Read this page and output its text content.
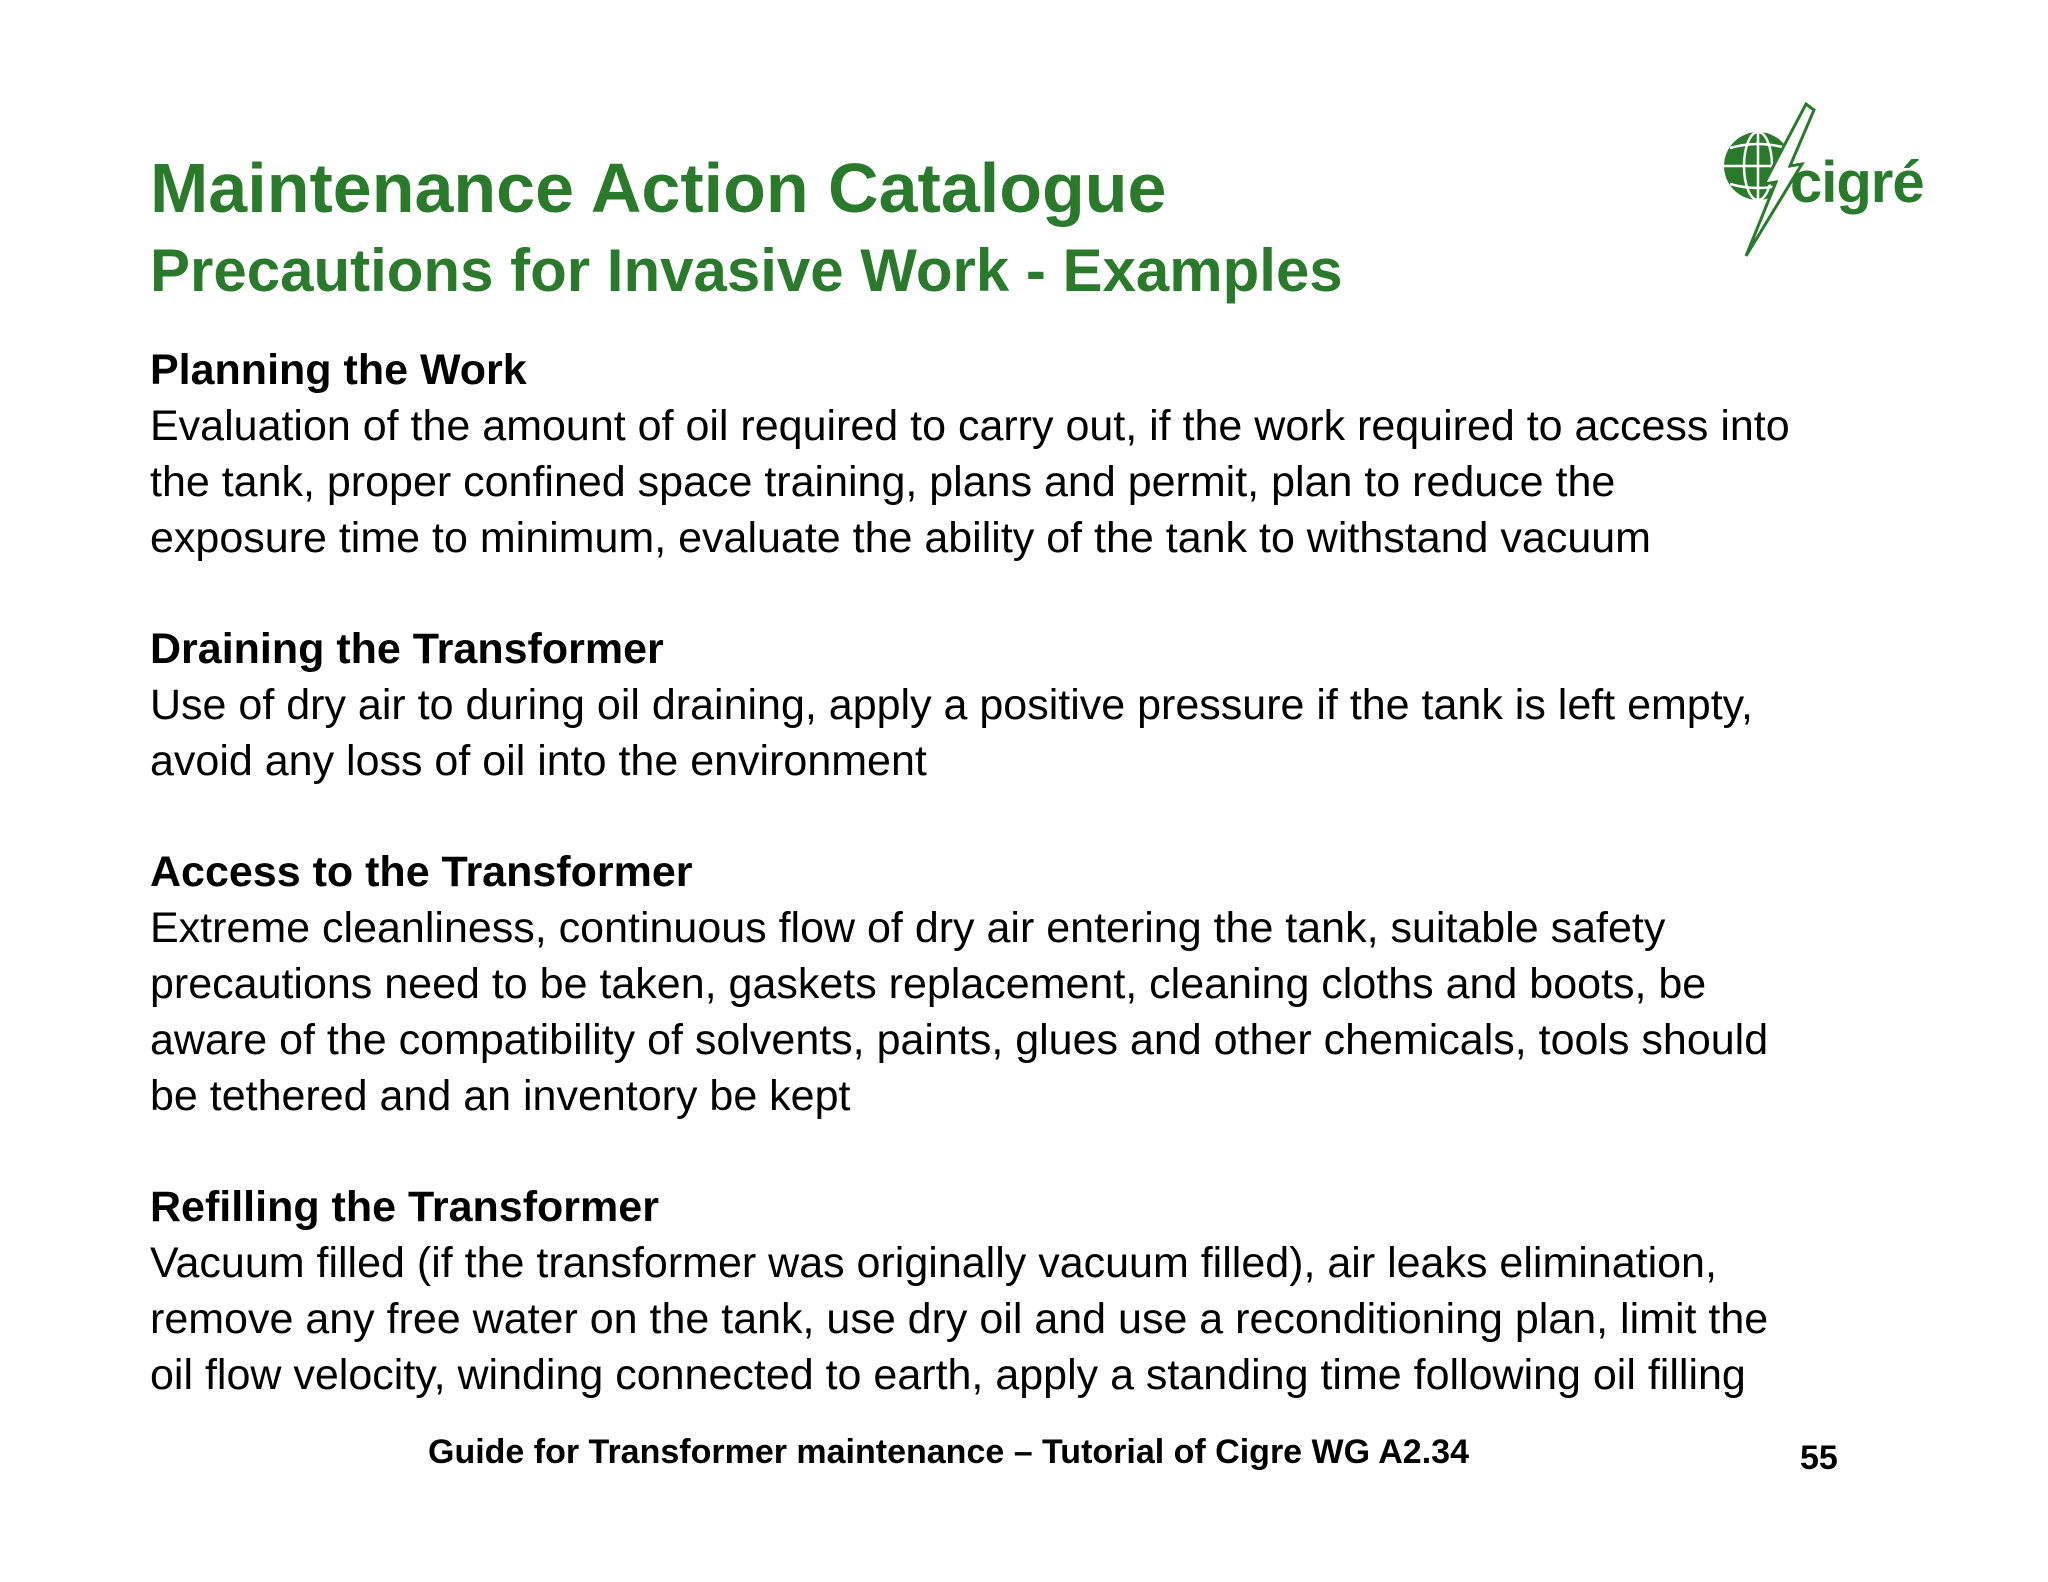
Maintenance Action Catalogue
Precautions for Invasive Work - Examples
cigré

Planning the Work

Evaluation of the amount of oil required to carry out, if the work required to access into
the tank, proper confined space training, plans and permit, plan to reduce the
exposure time to minimum, evaluate the ability of the tank to withstand vacuum

Draining the Transformer

Use of dry air to during oil draining, apply a positive pressure if the tank is left empty,
avoid any loss of oil into the environment

Access to the Transformer

Extreme cleanliness, continuous flow of dry air entering the tank, suitable safety
precautions need to be taken, gaskets replacement, cleaning cloths and boots, be
aware of the compatibility of solvents, paints, glues and other chemicals, tools should
be tethered and an inventory be kept

Refilling the Transformer

Vacuum filled (if the transformer was originally vacuum filled), air leaks elimination,
remove any free water on the tank, use dry oil and use a reconditioning plan, limit the
oil flow velocity, winding connected to earth, apply a standing time following oil filling

Guide for Transformer maintenance – Tutorial of Cigre WG A2.34	55
